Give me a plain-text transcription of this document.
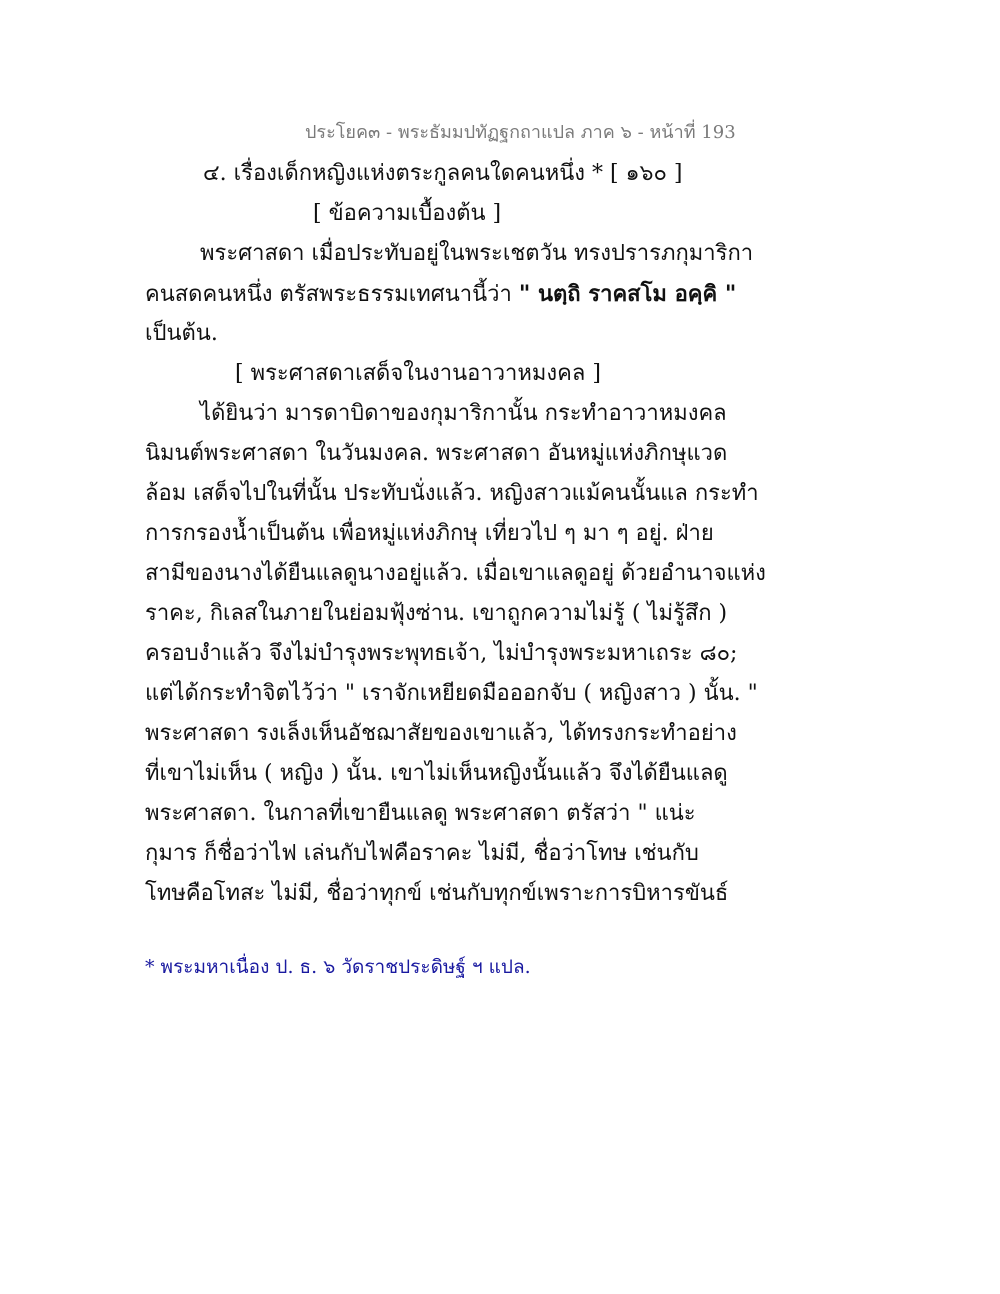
ประโยค๓ - พระธัมมปทัฏฐกถาแปล ภาค ๖ - หน้าที่ 193
๔. เรื่องเด็กหญิงแห่งตระกูลคนใดคนหนึ่ง * [ ๑๖๐ ]
[ ข้อความเบื้องต้น ]
พระศาสดา เมื่อประทับอยู่ในพระเชตวัน ทรงปรารภกุมาริกา
คนสดคนหนึ่ง ตรัสพระธรรมเทศนานี้ว่า " นตฺถิ ราคสโม อคฺคิ "
เป็นต้น.
[ พระศาสดาเสด็จในงานอาวาหมงคล ]
ได้ยินว่า มารดาบิดาของกุมาริกานั้น กระทำอาวาหมงคล
นิมนต์พระศาสดา ในวันมงคล. พระศาสดา อันหมู่แห่งภิกษุแวด
ล้อม เสด็จไปในที่นั้น ประทับนั่งแล้ว. หญิงสาวแม้คนนั้นแล กระทำ
การกรองน้ำเป็นต้น เพื่อหมู่แห่งภิกษุ เที่ยวไป ๆ มา ๆ อยู่. ฝ่าย
สามีของนางได้ยืนแลดูนางอยู่แล้ว. เมื่อเขาแลดูอยู่ ด้วยอำนาจแห่ง
ราคะ, กิเลสในภายในย่อมฟุ้งซ่าน. เขาถูกความไม่รู้ ( ไม่รู้สึก )
ครอบงำแล้ว จึงไม่บำรุงพระพุทธเจ้า, ไม่บำรุงพระมหาเถระ ๘๐;
แต่ได้กระทำจิตไว้ว่า " เราจักเหยียดมือออกจับ ( หญิงสาว ) นั้น. "
พระศาสดา รงเล็งเห็นอัชฌาสัยของเขาแล้ว, ได้ทรงกระทำอย่าง
ที่เขาไม่เห็น ( หญิง ) นั้น. เขาไม่เห็นหญิงนั้นแล้ว จึงได้ยืนแลดู
พระศาสดา. ในกาลที่เขายืนแลดู พระศาสดา ตรัสว่า " แน่ะ
กุมาร ก็ชื่อว่าไฟ เล่นกับไฟคือราคะ ไม่มี, ชื่อว่าโทษ เช่นกับ
โทษคือโทสะ ไม่มี, ชื่อว่าทุกข์ เช่นกับทุกข์เพราะการบิหารขันธ์
* พระมหาเนื่อง ป. ธ. ๖ วัดราชประดิษฐ์ ฯ แปล.
